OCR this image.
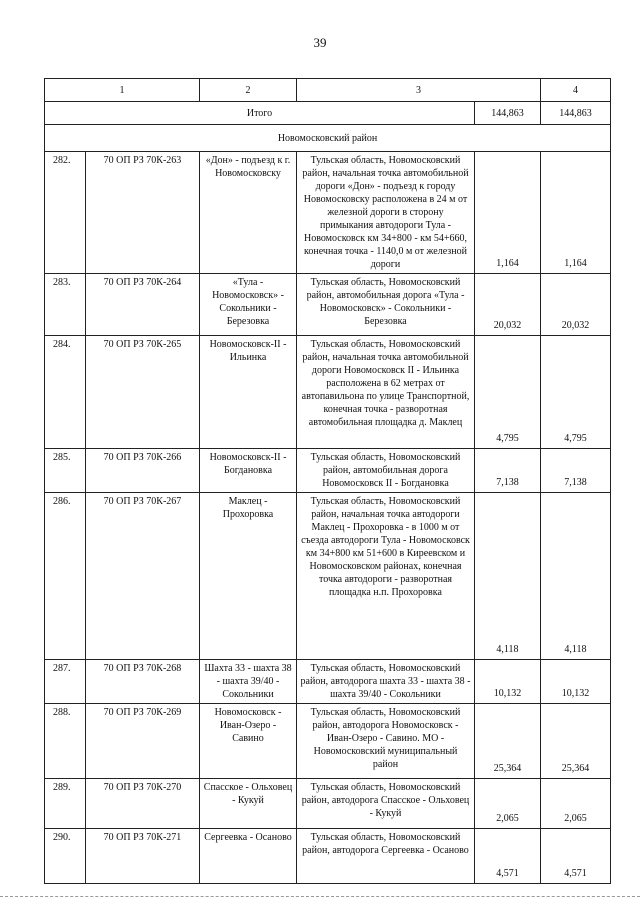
39
1		2	3		4
Итого				144,863	144,863
Новомосковский район					
282.	70 ОП РЗ 70К-263	«Дон» - подъезд к г. Новомосковску	Тульская область, Новомосковский район, начальная точка автомобильной дороги «Дон» - подъезд к городу Новомосковску расположена в 24 м от железной дороги в сторону примыкания автодороги Тула - Новомосковск км 34+800 - км 54+660, конечная точка - 1140,0 м от железной дороги	1,164	1,164
283.	70 ОП РЗ 70К-264	«Тула - Новомосковск» - Сокольники - Березовка	Тульская область, Новомосковский район, автомобильная дорога «Тула - Новомосковск» - Сокольники - Березовка	20,032	20,032
284.	70 ОП РЗ 70К-265	Новомосковск-II - Ильинка	Тульская область, Новомосковский район, начальная точка автомобильной дороги Новомосковск II - Ильинка расположена в 62 метрах от автопавильона по улице Транспортной, конечная точка - разворотная автомобильная площадка д. Маклец	4,795	4,795
285.	70 ОП РЗ 70К-266	Новомосковск-II - Богдановка	Тульская область, Новомосковский район, автомобильная дорога Новомосковск II - Богдановка	7,138	7,138
286.	70 ОП РЗ 70К-267	Маклец - Прохоровка	Тульская область, Новомосковский район, начальная точка автодороги Маклец - Прохоровка - в 1000 м от съезда автодороги Тула - Новомосковск км 34+800 км 51+600 в Киреевском и Новомосковском районах, конечная точка автодороги - разворотная площадка н.п. Прохоровка	4,118	4,118
287.	70 ОП РЗ 70К-268	Шахта 33 - шахта 38 - шахта 39/40 - Сокольники	Тульская область, Новомосковский район, автодорога шахта 33 - шахта 38 - шахта 39/40 - Сокольники	10,132	10,132
288.	70 ОП РЗ 70К-269	Новомосковск - Иван-Озеро - Савино	Тульская область, Новомосковский район, автодорога Новомосковск - Иван-Озеро - Савино. МО - Новомосковский муниципальный район	25,364	25,364
289.	70 ОП РЗ 70К-270	Спасское - Ольховец - Кукуй	Тульская область, Новомосковский район, автодорога Спасское - Ольховец - Кукуй	2,065	2,065
290.	70 ОП РЗ 70К-271	Сергеевка - Осаново	Тульская область, Новомосковский район, автодорога Сергеевка - Осаново	4,571	4,571
